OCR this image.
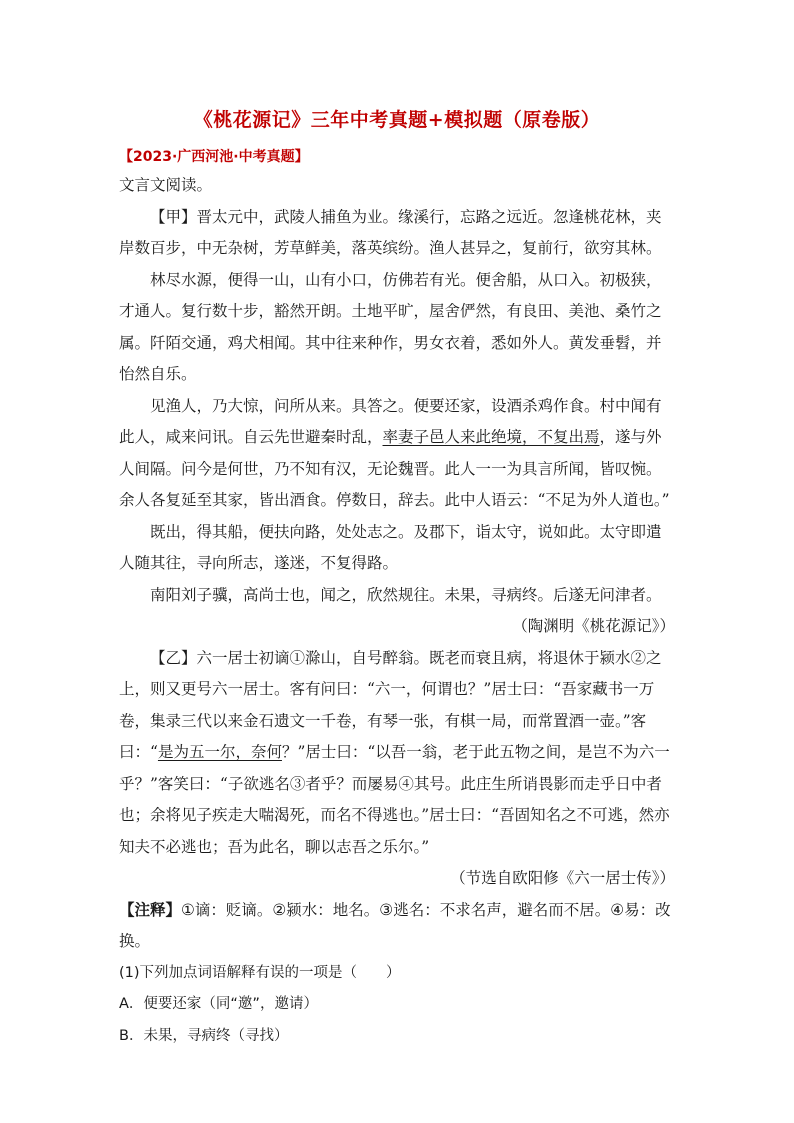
《桃花源记》三年中考真题+模拟题（原卷版）
【2023·广西河池·中考真题】

文言文阅读。

【甲】晋太元中，武陵人捕鱼为业。缘溪行，忘路之远近。忽逢桃花林，夹岸数百步，中无杂树，芳草鲜美，落英缤纷。渔人甚异之，复前行，欲穷其林。

林尽水源，便得一山，山有小口，仿佛若有光。便舍船，从口入。初极狭，才通人。复行数十步，豁然开朗。土地平旷，屋舍俨然，有良田、美池、桑竹之属。阡陌交通，鸡犬相闻。其中往来种作，男女衣着，悉如外人。黄发垂髫，并怡然自乐。

见渔人，乃大惊，问所从来。具答之。便要还家，设酒杀鸡作食。村中闻有此人，咸来问讯。自云先世避秦时乱，率妻子邑人来此绝境，不复出焉，遂与外人间隔。问今是何世，乃不知有汉，无论魏晋。此人一一为具言所闻，皆叹惋。余人各复延至其家，皆出酒食。停数日，辞去。此中人语云：“不足为外人道也。”

既出，得其船，便扶向路，处处志之。及郡下，诣太守，说如此。太守即遣人随其往，寻向所志，遂迷，不复得路。

南阳刘子骥，高尚士也，闻之，欣然规往。未果，寻病终。后遂无问津者。

（陶渊明《桃花源记》）

【乙】六一居士初谪①滁山，自号醉翁。既老而衰且病，将退休于颍水②之上，则又更号六一居士。客有问曰：“六一，何谓也？”居士曰：“吾家藏书一万卷，集录三代以来金石遗文一千卷，有琴一张，有棋一局，而常置酒一壶。”客曰：“是为五一尔，奈何？”居士曰：“以吾一翁，老于此五物之间，是岂不为六一乎？”客笑曰：“子欲逃名③者乎？而屡易④其号。此庄生所诮畏影而走乎日中者也；余将见子疾走大喘渴死，而名不得逃也。”居士曰：“吾固知名之不可逃，然亦知夫不必逃也；吾为此名，聊以志吾之乐尔。”

（节选自欧阳修《六一居士传》）

【注释】①谪：贬谪。②颍水：地名。③逃名：不求名声，避名而不居。④易：改换。

(1)下列加点词语解释有误的一项是（　　）

A．便要还家（同“邀”，邀请）

B．未果，寻病终（寻找）
